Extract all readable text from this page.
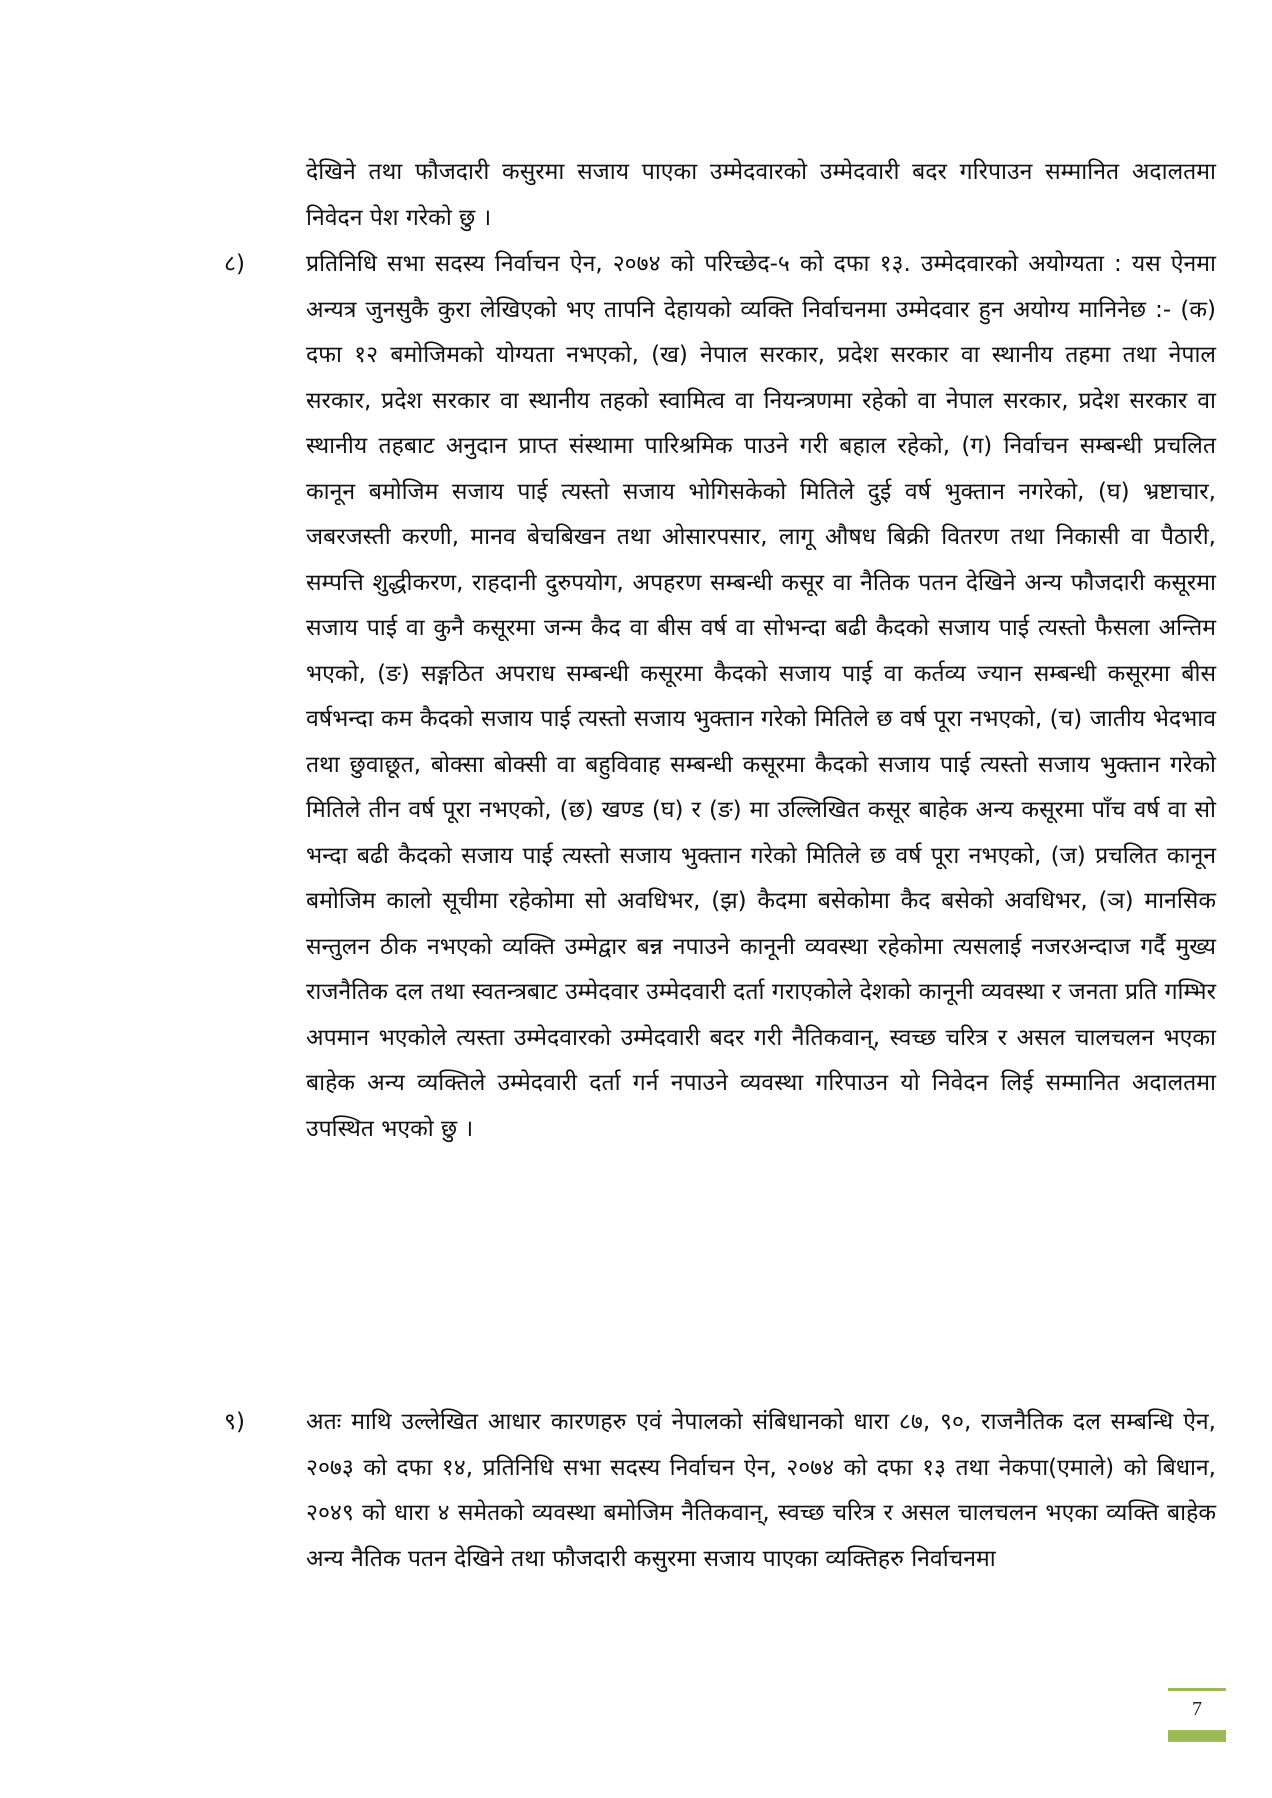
देखिने तथा फौजदारी कसुरमा सजाय पाएका उम्मेदवारको उम्मेदवारी बदर गरिपाउन सम्मानित अदालतमा निवेदन पेश गरेको छु ।
८)	प्रतिनिधि सभा सदस्य निर्वाचन ऐन, २०७४ को परिच्छेद-५ को दफा १३. उम्मेदवारको अयोग्यता : यस ऐनमा अन्यत्र जुनसुकै कुरा लेखिएको भए तापनि देहायको व्यक्ति निर्वाचनमा उम्मेदवार हुन अयोग्य मानिनेछ :- (क) दफा १२ बमोजिमको योग्यता नभएको, (ख) नेपाल सरकार, प्रदेश सरकार वा स्थानीय तहमा तथा नेपाल सरकार, प्रदेश सरकार वा स्थानीय तहको स्वामित्व वा नियन्त्रणमा रहेको वा नेपाल सरकार, प्रदेश सरकार वा स्थानीय तहबाट अनुदान प्राप्त संस्थामा पारिश्रमिक पाउने गरी बहाल रहेको, (ग) निर्वाचन सम्बन्धी प्रचलित कानून बमोजिम सजाय पाई त्यस्तो सजाय भोगिसकेको मितिले दुई वर्ष भुक्तान नगरेको, (घ) भ्रष्टाचार, जबरजस्ती करणी, मानव बेचबिखन तथा ओसारपसार, लागू औषध बिक्री वितरण तथा निकासी वा पैठारी, सम्पत्ति शुद्धीकरण, राहदानी दुरुपयोग, अपहरण सम्बन्धी कसूर वा नैतिक पतन देखिने अन्य फौजदारी कसूरमा सजाय पाई वा कुनै कसूरमा जन्म कैद वा बीस वर्ष वा सोभन्दा बढी कैदको सजाय पाई त्यस्तो फैसला अन्तिम भएको, (ङ) सङ्गठित अपराध सम्बन्धी कसूरमा कैदको सजाय पाई वा कर्तव्य ज्यान सम्बन्धी कसूरमा बीस वर्षभन्दा कम कैदको सजाय पाई त्यस्तो सजाय भुक्तान गरेको मितिले छ वर्ष पूरा नभएको, (च) जातीय भेदभाव तथा छुवाछूत, बोक्सा बोक्सी वा बहुविवाह सम्बन्धी कसूरमा कैदको सजाय पाई त्यस्तो सजाय भुक्तान गरेको मितिले तीन वर्ष पूरा नभएको, (छ) खण्ड (घ) र (ङ) मा उल्लिखित कसूर बाहेक अन्य कसूरमा पाँच वर्ष वा सो भन्दा बढी कैदको सजाय पाई त्यस्तो सजाय भुक्तान गरेको मितिले छ वर्ष पूरा नभएको, (ज) प्रचलित कानून बमोजिम कालो सूचीमा रहेकोमा सो अवधिभर, (झ) कैदमा बसेकोमा कैद बसेको अवधिभर, (ञ) मानसिक सन्तुलन ठीक नभएको व्यक्ति उम्मेद्वार बन्न नपाउने कानूनी व्यवस्था रहेकोमा त्यसलाई नजरअन्दाज गर्दै मुख्य राजनैतिक दल तथा स्वतन्त्रबाट उम्मेदवार उम्मेदवारी दर्ता गराएकोले देशको कानूनी व्यवस्था र जनता प्रति गम्भिर अपमान भएकोले त्यस्ता उम्मेदवारको उम्मेदवारी बदर गरी नैतिकवान्, स्वच्छ चरित्र र असल चालचलन भएका बाहेक अन्य व्यक्तिले उम्मेदवारी दर्ता गर्न नपाउने व्यवस्था गरिपाउन यो निवेदन लिई सम्मानित अदालतमा उपस्थित भएको छु ।
९)	अतः माथि उल्लेखित आधार कारणहरु एवं नेपालको संबिधानको धारा ८७, ९०, राजनैतिक दल सम्बन्धि ऐन, २०७३ को दफा १४, प्रतिनिधि सभा सदस्य निर्वाचन ऐन, २०७४ को दफा १३ तथा नेकपा(एमाले) को बिधान, २०४९ को धारा ४ समेतको व्यवस्था बमोजिम नैतिकवान्, स्वच्छ चरित्र र असल चालचलन भएका व्यक्ति बाहेक अन्य नैतिक पतन देखिने तथा फौजदारी कसुरमा सजाय पाएका व्यक्तिहरु निर्वाचनमा
7
